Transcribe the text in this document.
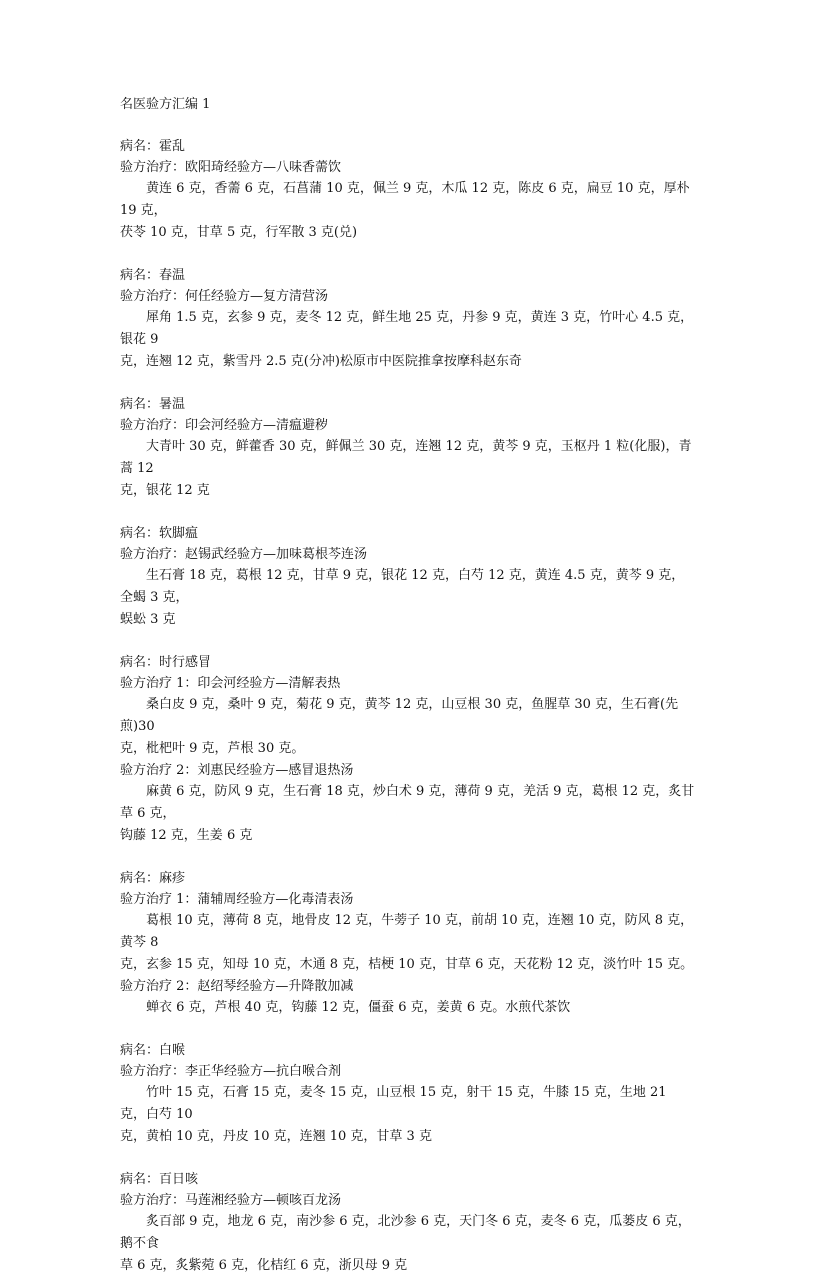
名医验方汇编 1
病名：霍乱
验方治疗：欧阳琦经验方—八味香薷饮
黄连 6 克，香薷 6 克，石菖蒲 10 克，佩兰 9 克，木瓜 12 克，陈皮 6 克，扁豆 10 克，厚朴 19 克，
茯苓 10 克，甘草 5 克，行军散 3 克(兑)
病名：春温
验方治疗：何任经验方—复方清营汤
犀角 1.5 克，玄参 9 克，麦冬 12 克，鲜生地 25 克，丹参 9 克，黄连 3 克，竹叶心 4.5 克，银花 9
克，连翘 12 克，紫雪丹 2.5 克(分冲)松原市中医院推拿按摩科赵东奇
病名：暑温
验方治疗：印会河经验方—清瘟避秽
大青叶 30 克，鲜藿香 30 克，鲜佩兰 30 克，连翘 12 克，黄芩 9 克，玉枢丹 1 粒(化服)，青蒿 12
克，银花 12 克
病名：软脚瘟
验方治疗：赵锡武经验方—加味葛根芩连汤
生石膏 18 克，葛根 12 克，甘草 9 克，银花 12 克，白芍 12 克，黄连 4.5 克，黄芩 9 克，全蝎 3 克，
蜈蚣 3 克
病名：时行感冒
验方治疗 1：印会河经验方—清解表热
桑白皮 9 克，桑叶 9 克，菊花 9 克，黄芩 12 克，山豆根 30 克，鱼腥草 30 克，生石膏(先煎)30
克，枇杷叶 9 克，芦根 30 克。
验方治疗 2：刘惠民经验方—感冒退热汤
麻黄 6 克，防风 9 克，生石膏 18 克，炒白术 9 克，薄荷 9 克，羌活 9 克，葛根 12 克，炙甘草 6 克，
钩藤 12 克，生姜 6 克
病名：麻疹
验方治疗 1：蒲辅周经验方—化毒清表汤
葛根 10 克，薄荷 8 克，地骨皮 12 克，牛蒡子 10 克，前胡 10 克，连翘 10 克，防风 8 克，黄芩 8
克，玄参 15 克，知母 10 克，木通 8 克，桔梗 10 克，甘草 6 克，天花粉 12 克，淡竹叶 15 克。
验方治疗 2：赵绍琴经验方—升降散加减
蝉衣 6 克，芦根 40 克，钩藤 12 克，僵蚕 6 克，姜黄 6 克。水煎代茶饮
病名：白喉
验方治疗：李正华经验方—抗白喉合剂
竹叶 15 克，石膏 15 克，麦冬 15 克，山豆根 15 克，射干 15 克，牛膝 15 克，生地 21 克，白芍 10
克，黄柏 10 克，丹皮 10 克，连翘 10 克，甘草 3 克
病名：百日咳
验方治疗：马莲湘经验方—顿咳百龙汤
炙百部 9 克，地龙 6 克，南沙参 6 克，北沙参 6 克，天门冬 6 克，麦冬 6 克，瓜蒌皮 6 克，鹅不食
草 6 克，炙紫菀 6 克，化桔红 6 克，浙贝母 9 克
